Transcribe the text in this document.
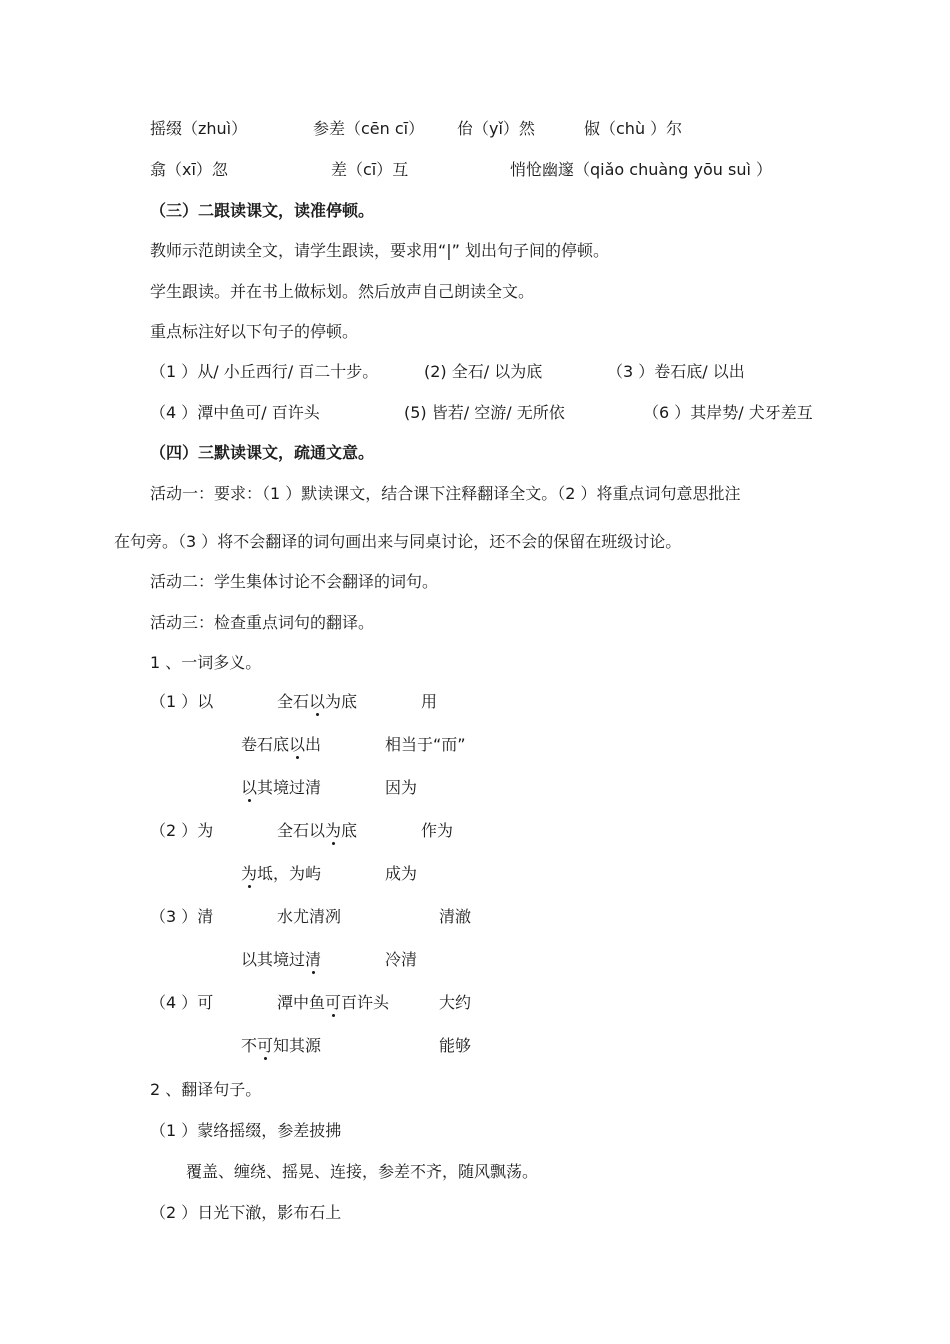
摇缀（zhuì）	参差（cēn cī） 佁（yǐ）然	俶（chù ）尔
翕（xī）忽	差（cī）互	悄怆幽邃（qiǎo chuàng yōu suì ）
（三）二跟读课文，读准停顿。
教师示范朗读全文，请学生跟读，要求用“|” 划出句子间的停顿。
学生跟读。并在书上做标划。然后放声自己朗读全文。
重点标注好以下句子的停顿。
（1 ）从/ 小丘西行/ 百二十步。	(2) 全石/ 以为底	（3 ）卷石底/ 以出
（4 ）潭中鱼可/ 百许头	(5) 皆若/ 空游/ 无所依	（6 ）其岸势/ 犬牙差互
（四）三默读课文，疏通文意。
活动一：要求：（1 ）默读课文，结合课下注释翻译全文。（2 ）将重点词句意思批注
在句旁。（3 ）将不会翻译的词句画出来与同桌讨论，还不会的保留在班级讨论。
活动二：学生集体讨论不会翻译的词句。
活动三：检查重点词句的翻译。
1 、一词多义。
（1 ）以	全石以为底	用
卷石底以出	相当于“而”
以其境过清	因为
（2 ）为	全石以为底	作为
为坻，为屿	成为
（3 ）清	水尤清冽	清澈
以其境过清	冷清
（4 ）可	潭中鱼可百许头	大约
不可知其源	能够
2 、翻译句子。
（1 ）蒙络摇缀，参差披拂
覆盖、缠绕、摇晃、连接，参差不齐，随风飘荡。
（2 ）日光下澈，影布石上
